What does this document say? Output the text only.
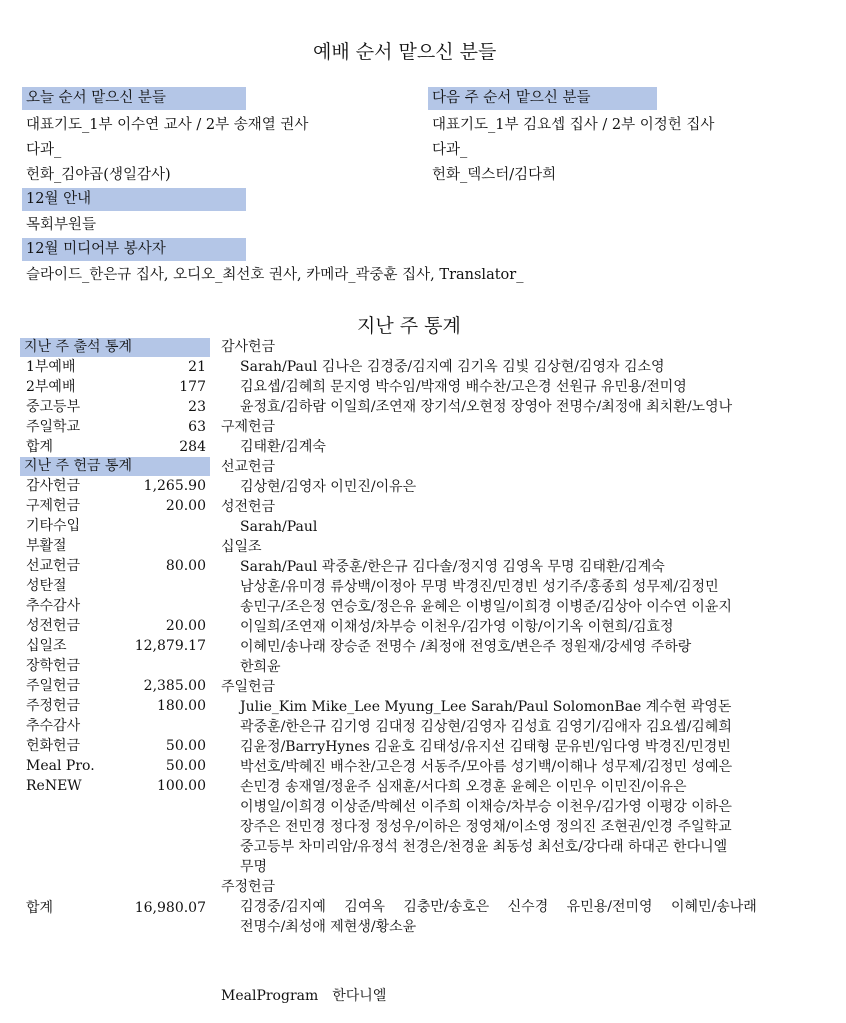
예배 순서 맡으신 분들
오늘 순서 맡으신 분들
대표기도_1부 이수연 교사 / 2부 송재열 권사
다과_
헌화_김야곱(생일감사)
다음 주 순서 맡으신 분들
대표기도_1부 김요셉 집사 / 2부 이정헌 집사
다과_
헌화_덱스터/김다희
12월 안내
목회부원들
12월 미디어부 봉사자
슬라이드_한은규 집사, 오디오_최선호 권사, 카메라_곽중훈 집사, Translator_
지난 주 통계
지난 주 출석 통계
1부예배	21
2부예배	177
중고등부	23
주일학교	63
합계	284
지난 주 헌금 통계
감사헌금	1,265.90
구제헌금	20.00
기타수입
부활절
선교헌금	80.00
성탄절
추수감사
성전헌금	20.00
십일조	12,879.17
장학헌금
주일헌금	2,385.00
주정헌금	180.00
추수감사
헌화헌금	50.00
Meal Pro.	50.00
ReNEW	100.00
합계	16,980.07
감사헌금
Sarah/Paul 김나은 김경중/김지예 김기옥 김빛 김상현/김영자 김소영
김요셉/김혜희 문지영 박수임/박재영 배수찬/고은경 선원규 유민용/전미영
윤정효/김하람 이일희/조연재 장기석/오현정 장영아 전명수/최정애 최치환/노영나
구제헌금
김태환/김계숙
선교헌금
김상현/김영자 이민진/이유은
성전헌금
Sarah/Paul
십일조
Sarah/Paul 곽중훈/한은규 김다솔/정지영 김영옥 무명 김태환/김계숙
남상훈/유미경 류상백/이정아 무명 박경진/민경빈 성기주/홍종희 성무제/김정민
송민구/조은정 연승호/정은유 윤혜은 이병일/이희경 이병준/김상아 이수연 이윤지
이일희/조연재 이채성/차부승 이천우/김가영 이항/이기옥 이현희/김효정
이혜민/송나래 장승준 전명수 /최정애 전영호/변은주 정원재/강세영 주하랑
한희윤
주일헌금
Julie_Kim Mike_Lee Myung_Lee Sarah/Paul SolomonBae 계수현 곽영돈
곽중훈/한은규 김기영 김대정 김상현/김영자 김성효 김영기/김애자 김요셉/김혜희
김윤정/BarryHynes 김윤호 김태성/유지선 김태형 문유빈/임다영 박경진/민경빈
박선호/박혜진 배수찬/고은경 서동주/모아름 성기백/이해나 성무제/김정민 성예은
손민경 송재열/정윤주 심재훈/서다희 오경훈 윤혜은 이민우 이민진/이유은
이병일/이희경 이상준/박혜선 이주희 이채승/차부승 이천우/김가영 이평강 이하은
장주은 전민경 정다정 정성우/이하은 정영채/이소영 정의진 조현권/인경 주일학교
중고등부 차미리암/유정석 천경은/천경윤 최동성 최선호/강다래 하대곤 한다니엘
무명
주정헌금
김경중/김지예　 김여옥　 김충만/송호은　 신수경　 유민용/전미영　 이혜민/송나래
전명수/최성애 제현생/황소윤
MealProgram　한다니엘
